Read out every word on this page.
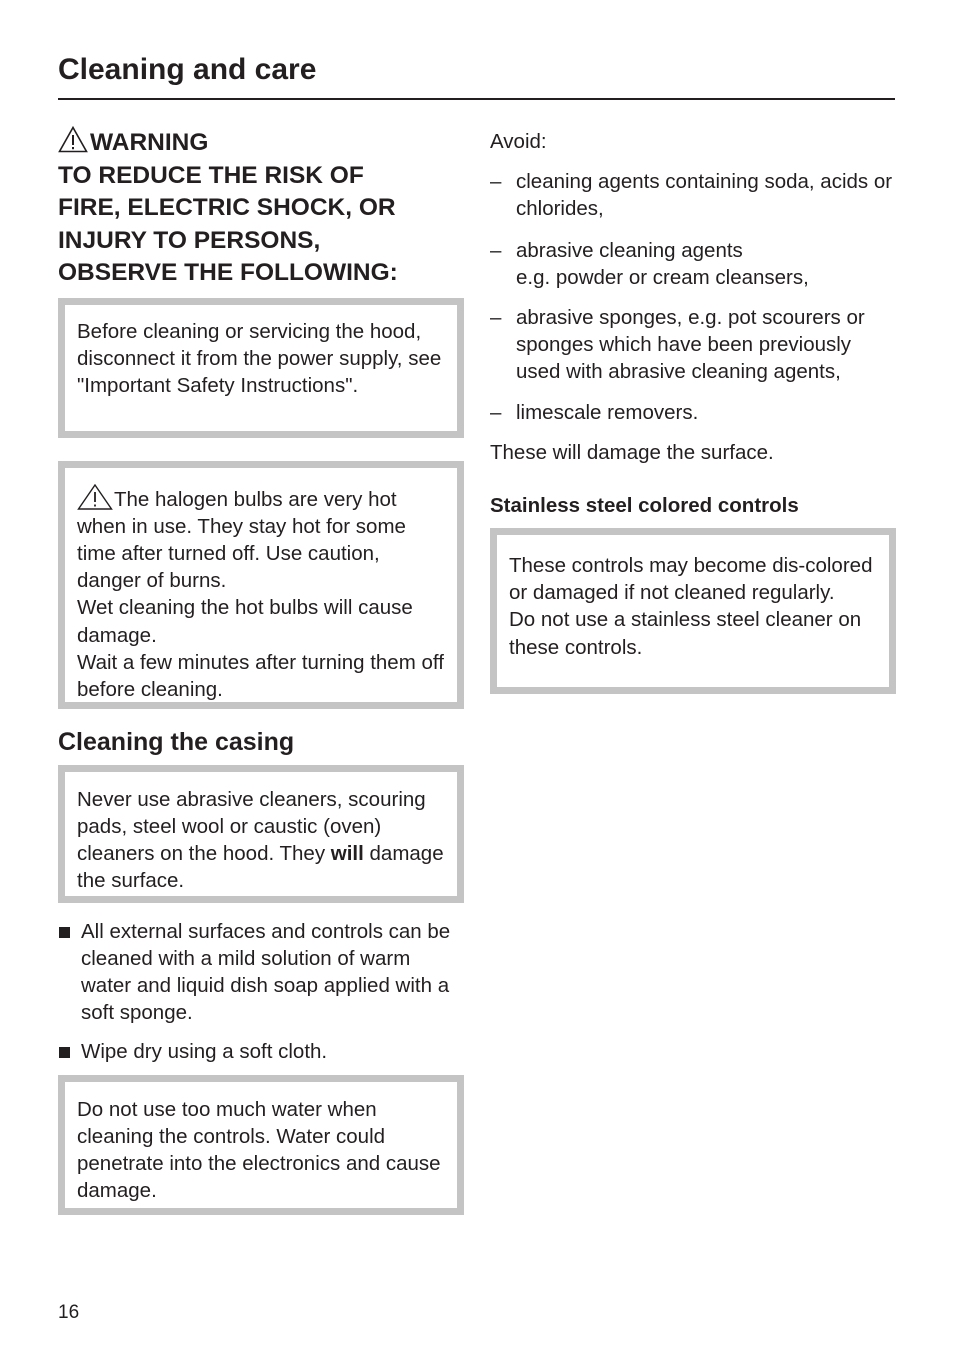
Cleaning and care
WARNING
TO REDUCE THE RISK OF
FIRE, ELECTRIC SHOCK, OR
INJURY TO PERSONS,
OBSERVE THE FOLLOWING:

Before cleaning or servicing the hood, disconnect it from the power supply, see "Important Safety Instructions".

The halogen bulbs are very hot when in use. They stay hot for some time after turned off. Use caution, danger of burns.

Wet cleaning the hot bulbs will cause damage.

Wait a few minutes after turning them off before cleaning.

Cleaning the casing

Never use abrasive cleaners, scouring pads, steel wool or caustic (oven) cleaners on the hood. They will damage the surface.

All external surfaces and controls can be cleaned with a mild solution of warm water and liquid dish soap applied with a soft sponge.
Wipe dry using a soft cloth.

Do not use too much water when cleaning the controls. Water could penetrate into the electronics and cause damage.

Avoid:

– cleaning agents containing soda, acids or chlorides,
– abrasive cleaning agents
e.g. powder or cream cleansers,
– abrasive sponges, e.g. pot scourers or sponges which have been previously used with abrasive cleaning agents,
– limescale removers.

These will damage the surface.

Stainless steel colored controls

These controls may become dis-colored or damaged if not cleaned regularly.

Do not use a stainless steel cleaner on these controls.

16
